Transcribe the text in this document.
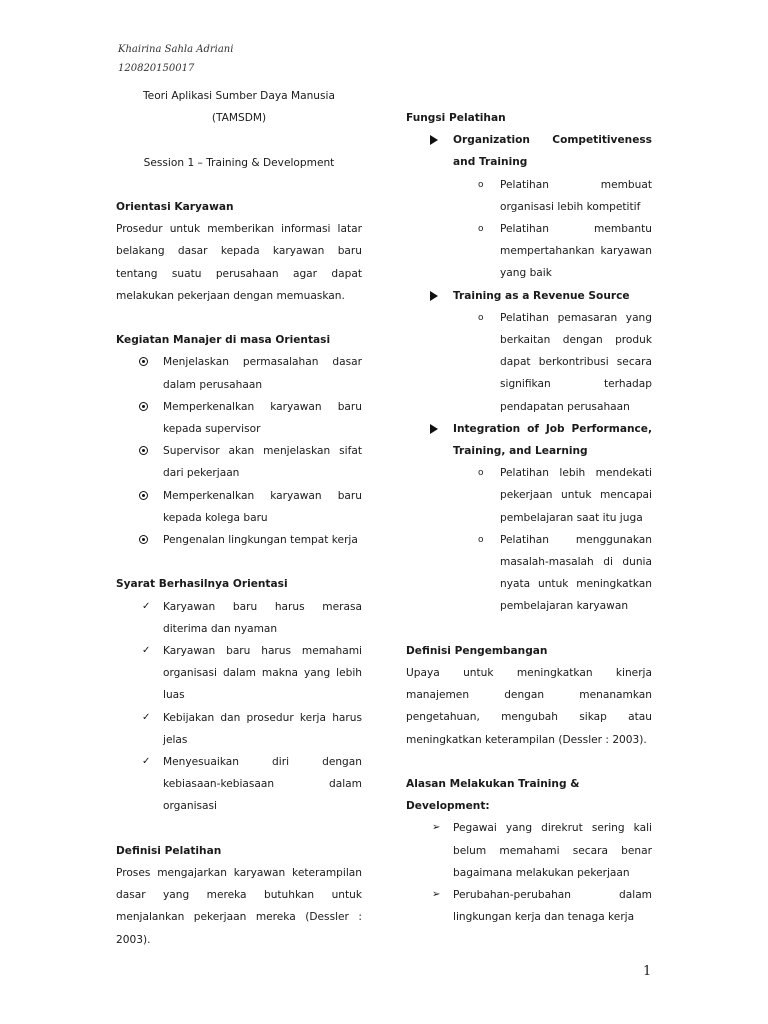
Khairina Sahla Adriani
120820150017
Teori Aplikasi Sumber Daya Manusia
(TAMSDM)
Session 1 – Training & Development
Orientasi Karyawan
Prosedur untuk memberikan informasi latar belakang dasar kepada karyawan baru tentang suatu perusahaan agar dapat melakukan pekerjaan dengan memuaskan.
Kegiatan Manajer di masa Orientasi
Menjelaskan permasalahan dasar dalam perusahaan
Memperkenalkan karyawan baru kepada supervisor
Supervisor akan menjelaskan sifat dari pekerjaan
Memperkenalkan karyawan baru kepada kolega baru
Pengenalan lingkungan tempat kerja
Syarat Berhasilnya Orientasi
✓ Karyawan baru harus merasa diterima dan nyaman
✓ Karyawan baru harus memahami organisasi dalam makna yang lebih luas
✓ Kebijakan dan prosedur kerja harus jelas
✓ Menyesuaikan diri dengan kebiasaan-kebiasaan dalam organisasi
Definisi Pelatihan
Proses mengajarkan karyawan keterampilan dasar yang mereka butuhkan untuk menjalankan pekerjaan mereka (Dessler : 2003).
Fungsi Pelatihan
Organization Competitiveness and Training
o Pelatihan membuat organisasi lebih kompetitif
o Pelatihan membantu mempertahankan karyawan yang baik
Training as a Revenue Source
o Pelatihan pemasaran yang berkaitan dengan produk dapat berkontribusi secara signifikan terhadap pendapatan perusahaan
Integration of Job Performance, Training, and Learning
o Pelatihan lebih mendekati pekerjaan untuk mencapai pembelajaran saat itu juga
o Pelatihan menggunakan masalah-masalah di dunia nyata untuk meningkatkan pembelajaran karyawan
Definisi Pengembangan
Upaya untuk meningkatkan kinerja manajemen dengan menanamkan pengetahuan, mengubah sikap atau meningkatkan keterampilan (Dessler : 2003).
Alasan Melakukan Training & Development:
➢ Pegawai yang direkrut sering kali belum memahami secara benar bagaimana melakukan pekerjaan
➢ Perubahan-perubahan dalam lingkungan kerja dan tenaga kerja
1
